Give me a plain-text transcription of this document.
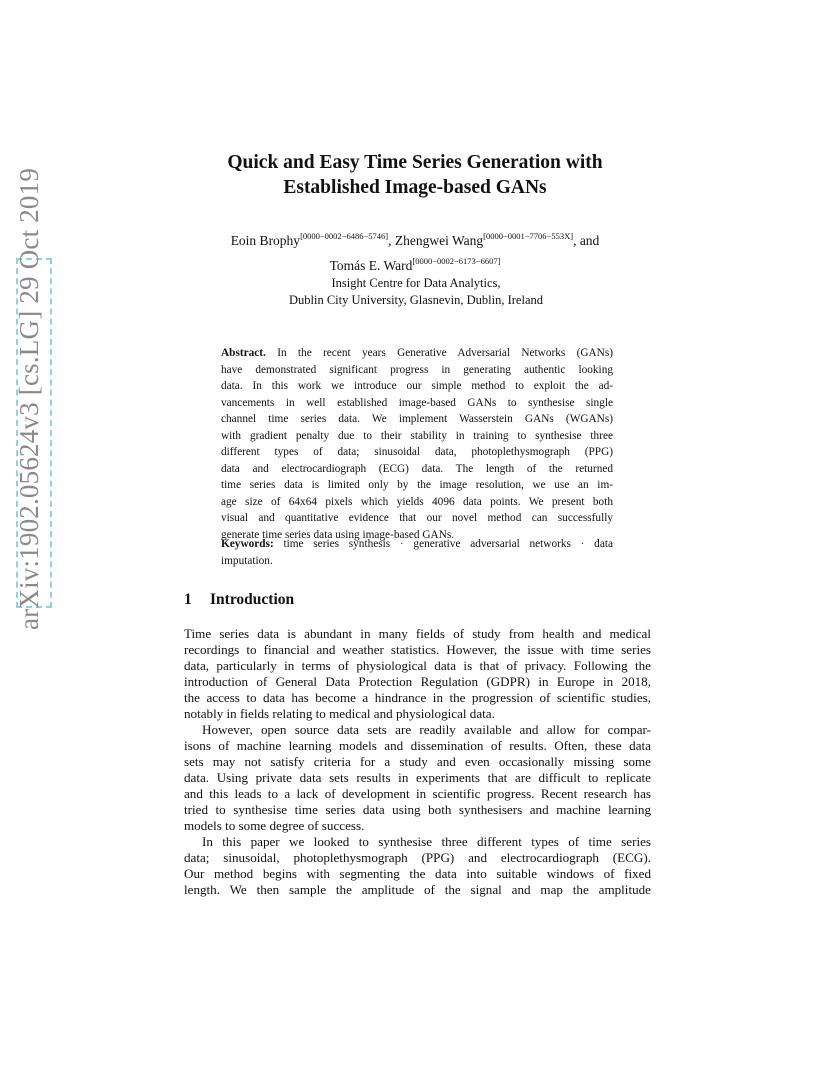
arXiv:1902.05624v3 [cs.LG] 29 Oct 2019
Quick and Easy Time Series Generation with
Established Image-based GANs
Eoin Brophy[0000−0002−6486−5746], Zhengwei Wang[0000−0001−7706−553X], and
Tomás E. Ward[0000−0002−6173−6607]
Insight Centre for Data Analytics,
Dublin City University, Glasnevin, Dublin, Ireland
Abstract. In the recent years Generative Adversarial Networks (GANs)
have demonstrated significant progress in generating authentic looking
data. In this work we introduce our simple method to exploit the ad-
vancements in well established image-based GANs to synthesise single
channel time series data. We implement Wasserstein GANs (WGANs)
with gradient penalty due to their stability in training to synthesise three
different types of data; sinusoidal data, photoplethysmograph (PPG)
data and electrocardiograph (ECG) data. The length of the returned
time series data is limited only by the image resolution, we use an im-
age size of 64x64 pixels which yields 4096 data points. We present both
visual and quantitative evidence that our novel method can successfully
generate time series data using image-based GANs.
Keywords: time series synthesis · generative adversarial networks · data
imputation.
1 Introduction
Time series data is abundant in many fields of study from health and medical
recordings to financial and weather statistics. However, the issue with time series
data, particularly in terms of physiological data is that of privacy. Following the
introduction of General Data Protection Regulation (GDPR) in Europe in 2018,
the access to data has become a hindrance in the progression of scientific studies,
notably in fields relating to medical and physiological data.
However, open source data sets are readily available and allow for compar-
isons of machine learning models and dissemination of results. Often, these data
sets may not satisfy criteria for a study and even occasionally missing some
data. Using private data sets results in experiments that are difficult to replicate
and this leads to a lack of development in scientific progress. Recent research has
tried to synthesise time series data using both synthesisers and machine learning
models to some degree of success.
In this paper we looked to synthesise three different types of time series
data; sinusoidal, photoplethysmograph (PPG) and electrocardiograph (ECG).
Our method begins with segmenting the data into suitable windows of fixed
length. We then sample the amplitude of the signal and map the amplitude
